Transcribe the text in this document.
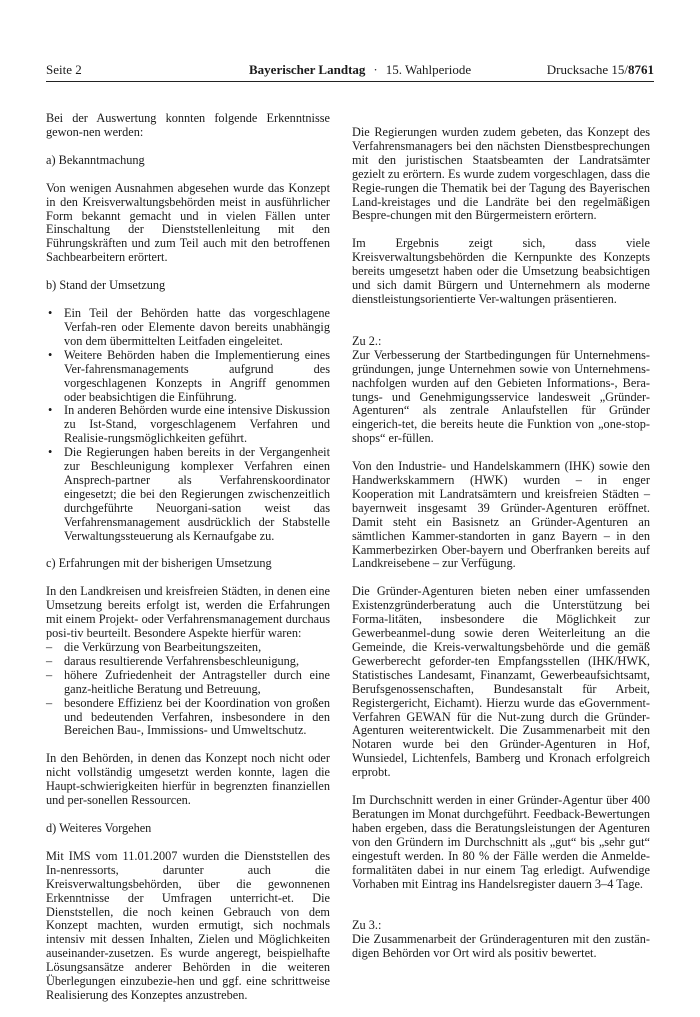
Seite 2	Bayerischer Landtag · 15. Wahlperiode	Drucksache 15/8761

Bei der Auswertung konnten folgende Erkenntnisse gewon-nen werden:

a) Bekanntmachung

Von wenigen Ausnahmen abgesehen wurde das Konzept in den Kreisverwaltungsbehörden meist in ausführlicher Form bekannt gemacht und in vielen Fällen unter Einschaltung der Dienststellenleitung mit den Führungskräften und zum Teil auch mit den betroffenen Sachbearbeitern erörtert.

b) Stand der Umsetzung

• Ein Teil der Behörden hatte das vorgeschlagene Verfah-ren oder Elemente davon bereits unabhängig von dem übermittelten Leitfaden eingeleitet.
• Weitere Behörden haben die Implementierung eines Ver-fahrensmanagements aufgrund des vorgeschlagenen Konzepts in Angriff genommen oder beabsichtigen die Einführung.
• In anderen Behörden wurde eine intensive Diskussion zu Ist-Stand, vorgeschlagenem Verfahren und Realisie-rungsmöglichkeiten geführt.
• Die Regierungen haben bereits in der Vergangenheit zur Beschleunigung komplexer Verfahren einen Ansprech-partner als Verfahrenskoordinator eingesetzt; die bei den Regierungen zwischenzeitlich durchgeführte Neuorgani-sation weist das Verfahrensmanagement ausdrücklich der Stabstelle Verwaltungssteuerung als Kernaufgabe zu.

c) Erfahrungen mit der bisherigen Umsetzung

In den Landkreisen und kreisfreien Städten, in denen eine Umsetzung bereits erfolgt ist, werden die Erfahrungen mit einem Projekt- oder Verfahrensmanagement durchaus posi-tiv beurteilt. Besondere Aspekte hierfür waren:

– die Verkürzung von Bearbeitungszeiten,
– daraus resultierende Verfahrensbeschleunigung,
– höhere Zufriedenheit der Antragsteller durch eine ganz-heitliche Beratung und Betreuung,
– besondere Effizienz bei der Koordination von großen und bedeutenden Verfahren, insbesondere in den Bereichen Bau-, Immissions- und Umweltschutz.

In den Behörden, in denen das Konzept noch nicht oder nicht vollständig umgesetzt werden konnte, lagen die Haupt-schwierigkeiten hierfür in begrenzten finanziellen und per-sonellen Ressourcen.

d) Weiteres Vorgehen

Mit IMS vom 11.01.2007 wurden die Dienststellen des In-nenressorts, darunter auch die Kreisverwaltungsbehörden, über die gewonnenen Erkenntnisse der Umfragen unterricht-et. Die Dienststellen, die noch keinen Gebrauch von dem Konzept machten, wurden ermutigt, sich nochmals intensiv mit dessen Inhalten, Zielen und Möglichkeiten auseinander-zusetzen. Es wurde angeregt, beispielhafte Lösungsansätze anderer Behörden in die weiteren Überlegungen einzubezie-hen und ggf. eine schrittweise Realisierung des Konzeptes anzustreben.

Die Regierungen wurden zudem gebeten, das Konzept des Verfahrensmanagers bei den nächsten Dienstbesprechungen mit den juristischen Staatsbeamten der Landratsämter gezielt zu erörtern. Es wurde zudem vorgeschlagen, dass die Regie-rungen die Thematik bei der Tagung des Bayerischen Land-kreistages und die Landräte bei den regelmäßigen Bespre-chungen mit den Bürgermeistern erörtern.

Im Ergebnis zeigt sich, dass viele Kreisverwaltungsbehörden die Kernpunkte des Konzepts bereits umgesetzt haben oder die Umsetzung beabsichtigen und sich damit Bürgern und Unternehmern als moderne dienstleistungsorientierte Ver-waltungen präsentieren.

Zu 2.:

Zur Verbesserung der Startbedingungen für Unternehmens-gründungen, junge Unternehmen sowie von Unternehmens-nachfolgen wurden auf den Gebieten Informations-, Bera-tungs- und Genehmigungsservice landesweit „Gründer-Agenturen“ als zentrale Anlaufstellen für Gründer eingerich-tet, die bereits heute die Funktion von „one-stop-shops“ er-füllen.

Von den Industrie- und Handelskammern (IHK) sowie den Handwerkskammern (HWK) wurden – in enger Kooperation mit Landratsämtern und kreisfreien Städten – bayernweit insgesamt 39 Gründer-Agenturen eröffnet. Damit steht ein Basisnetz an Gründer-Agenturen an sämtlichen Kammer-standorten in ganz Bayern – in den Kammerbezirken Ober-bayern und Oberfranken bereits auf Landkreisebene – zur Verfügung.

Die Gründer-Agenturen bieten neben einer umfassenden Existenzgründerberatung auch die Unterstützung bei Forma-litäten, insbesondere die Möglichkeit zur Gewerbeanmel-dung sowie deren Weiterleitung an die Gemeinde, die Kreis-verwaltungsbehörde und die gemäß Gewerberecht geforder-ten Empfangsstellen (IHK/HWK, Statistisches Landesamt, Finanzamt, Gewerbeaufsichtsamt, Berufsgenossenschaften, Bundesanstalt für Arbeit, Registergericht, Eichamt). Hierzu wurde das eGovernment-Verfahren GEWAN für die Nut-zung durch die Gründer-Agenturen weiterentwickelt. Die Zusammenarbeit mit den Notaren wurde bei den Gründer-Agenturen in Hof, Wunsiedel, Lichtenfels, Bamberg und Kronach erfolgreich erprobt.

Im Durchschnitt werden in einer Gründer-Agentur über 400 Beratungen im Monat durchgeführt. Feedback-Bewertungen haben ergeben, dass die Beratungsleistungen der Agenturen von den Gründern im Durchschnitt als „gut“ bis „sehr gut“ eingestuft werden. In 80 % der Fälle werden die Anmelde-formalitäten dabei in nur einem Tag erledigt. Aufwendige Vorhaben mit Eintrag ins Handelsregister dauern 3–4 Tage.

Zu 3.:

Die Zusammenarbeit der Gründeragenturen mit den zustän-digen Behörden vor Ort wird als positiv bewertet.
